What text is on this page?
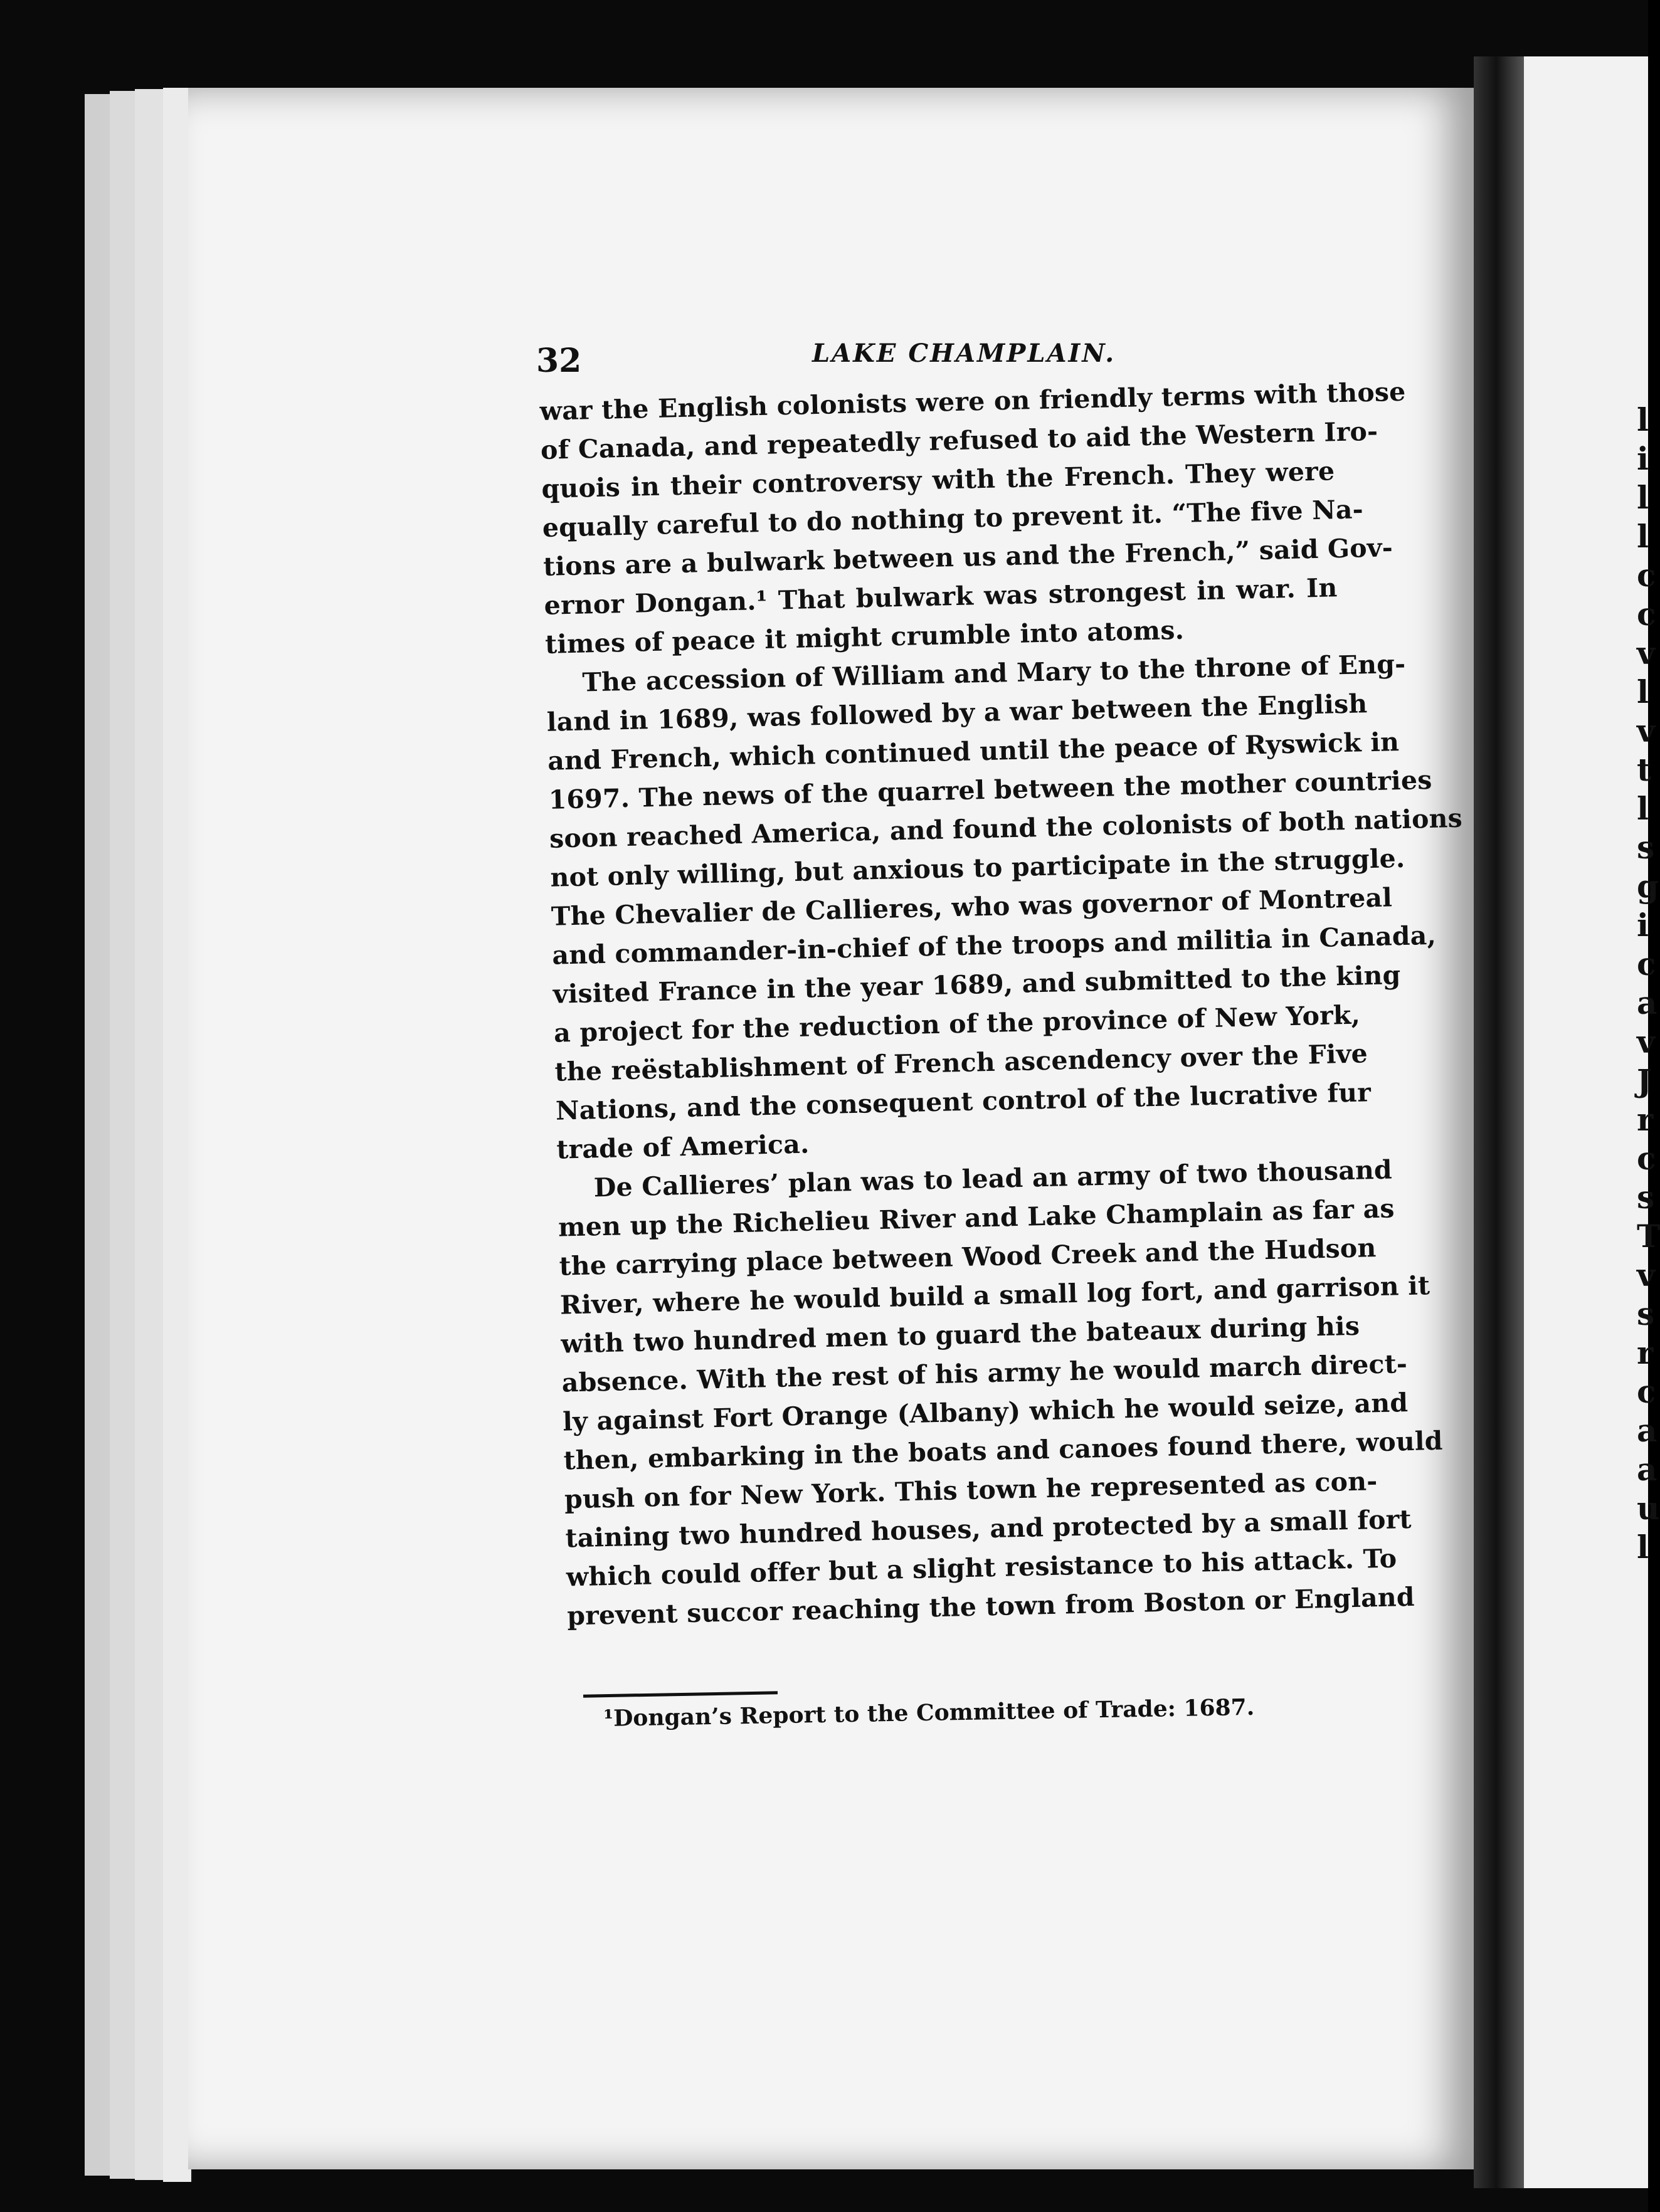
l
i
l
l
c
c
v
l
v
t
l
s
g
i
c
a
v
J
r
c
s
T
v
s
r
c
a
a
u
l
32	LAKE CHAMPLAIN.
war the English colonists were on friendly terms with those
of Canada, and repeatedly refused to aid the Western Iro-
quois in their controversy with the French. They were
equally careful to do nothing to prevent it. “The five Na-
tions are a bulwark between us and the French,” said Gov-
ernor Dongan.¹ That bulwark was strongest in war. In
times of peace it might crumble into atoms.
The accession of William and Mary to the throne of Eng-
land in 1689, was followed by a war between the English
and French, which continued until the peace of Ryswick in
1697. The news of the quarrel between the mother countries
soon reached America, and found the colonists of both nations
not only willing, but anxious to participate in the struggle.
The Chevalier de Callieres, who was governor of Montreal
and commander-in-chief of the troops and militia in Canada,
visited France in the year 1689, and submitted to the king
a project for the reduction of the province of New York,
the reëstablishment of French ascendency over the Five
Nations, and the consequent control of the lucrative fur
trade of America.
De Callieres’ plan was to lead an army of two thousand
men up the Richelieu River and Lake Champlain as far as
the carrying place between Wood Creek and the Hudson
River, where he would build a small log fort, and garrison it
with two hundred men to guard the bateaux during his
absence. With the rest of his army he would march direct-
ly against Fort Orange (Albany) which he would seize, and
then, embarking in the boats and canoes found there, would
push on for New York. This town he represented as con-
taining two hundred houses, and protected by a small fort
which could offer but a slight resistance to his attack. To
prevent succor reaching the town from Boston or England
¹Dongan’s Report to the Committee of Trade: 1687.
